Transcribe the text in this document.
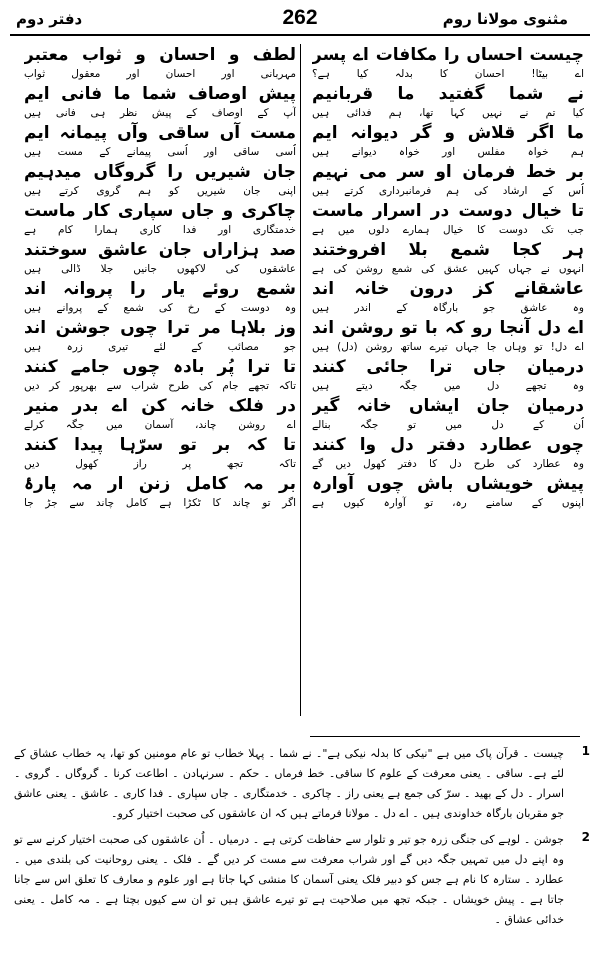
دفتر دوم	262	مثنوی مولانا روم
چیست احساں را مکافات اے پسر
اے بیٹا! احسان کا بدلہ کیا ہے؟
نے شما گفتید ما قربانیم
کیا تم نے نہیں کہا تھا، ہم فدائی ہیں
ما اگر قلاش و گر دیوانہ ایم
ہم خواہ مفلس اور خواہ دیوانے ہیں
بر خط فرمان او سر می نہیم
اُس کے ارشاد کی ہم فرمانبرداری کرتے ہیں
تا خیال دوست در اسرار ماست
جب تک دوست کا خیال ہمارے دلوں میں ہے
ہر کجا شمع بلا افروختند
انہوں نے جہاں کہیں عشق کی شمع روشن کی ہے
عاشقانے کز درون خانہ اند
وہ عاشق جو بارگاہ کے اندر ہیں
اے دل آنجا رو کہ با تو روشن اند
اے دل! تو وہاں جا جہاں تیرے ساتھ روشن (دل) ہیں
درمیان جاں ترا جائی کنند
وہ تجھے دل میں جگہ دیتے ہیں
درمیان جان ایشاں خانہ گیر
اُن کے دل میں تو جگہ بنالے
چوں عطارد دفتر دل وا کنند
وہ عطارد کی طرح دل کا دفتر کھول دیں گے
پیش خویشاں باش چوں آوارہ
اپنوں کے سامنے رہ، تو آوارہ کیوں ہے
لطف و احسان و ثواب معتبر
مہربانی اور احسان اور معقول ثواب
پیش اوصاف شما ما فانی ایم
آپ کے اوصاف کے پیش نظر ہی فانی ہیں
مست آں ساقی وآں پیمانہ ایم
اُسی ساقی اور اُسی پیمانے کے مست ہیں
جان شیریں را گروگاں میدہیم
اپنی جان شیریں کو ہم گروی کرتے ہیں
چاکری و جاں سپاری کار ماست
خدمتگاری اور فدا کاری ہمارا کام ہے
صد ہزاراں جان عاشق سوختند
عاشقوں کی لاکھوں جانیں جلا ڈالی ہیں
شمع روئے یار را پروانہ اند
وہ دوست کے رخ کی شمع کے پروانے ہیں
وز بلاہا مر ترا چوں جوشن اند
جو مصائب کے لئے تیری زرہ ہیں
تا ترا پُر بادہ چوں جامے کنند
تاکہ تجھے جام کی طرح شراب سے بھرپور کر دیں
در فلک خانہ کن اے بدر منیر
اے روشن چاند، آسمان میں جگہ کرلے
تا کہ بر تو سرّہا پیدا کنند
تاکہ تجھ پر راز کھول دیں
بر مہ کامل زنن ار مہ پارۂ
اگر تو چاند کا ٹکڑا ہے کامل چاند سے جڑ جا
1
چیست ۔ قرآن پاک میں ہے "نیکی کا بدلہ نیکی ہے"۔ نے شما ۔ پہلا خطاب تو عام مومنین کو تھا، یہ خطاب عشاق کے لئے ہے۔ ساقی ۔ یعنی معرفت کے علوم کا ساقی۔ خط فرماں ۔ حکم ۔ سرنہادن ۔ اطاعت کرنا ۔ گروگاں ۔ گروی ۔ اسرار ۔ دل کے بھید ۔ سرّ کی جمع ہے یعنی راز ۔ چاکری ۔ خدمتگاری ۔ جاں سپاری ۔ فدا کاری ۔ عاشق ۔ یعنی عاشق جو مقربان بارگاہ خداوندی ہیں ۔ اے دل ۔ مولانا فرماتے ہیں کہ ان عاشقوں کی صحبت اختیار کرو۔
2
جوشن ۔ لوہے کی جنگی زرہ جو تیر و تلوار سے حفاظت کرتی ہے ۔ درمیاں ۔ اُن عاشقوں کی صحبت اختیار کرنے سے تو وہ اپنے دل میں تمہیں جگہ دیں گے اور شراب معرفت سے مست کر دیں گے ۔ فلک ۔ یعنی روحانیت کی بلندی میں ۔ عطارد ۔ ستارہ کا نام ہے جس کو دبیر فلک یعنی آسمان کا منشی کہا جاتا ہے اور علوم و معارف کا تعلق اس سے جانا جاتا ہے ۔ پیش خویشاں ۔ جبکہ تجھ میں صلاحیت ہے تو تیرے عاشق ہیں تو ان سے کیوں بچتا ہے ۔ مہ کامل ۔ یعنی خدائی عشاق ۔
